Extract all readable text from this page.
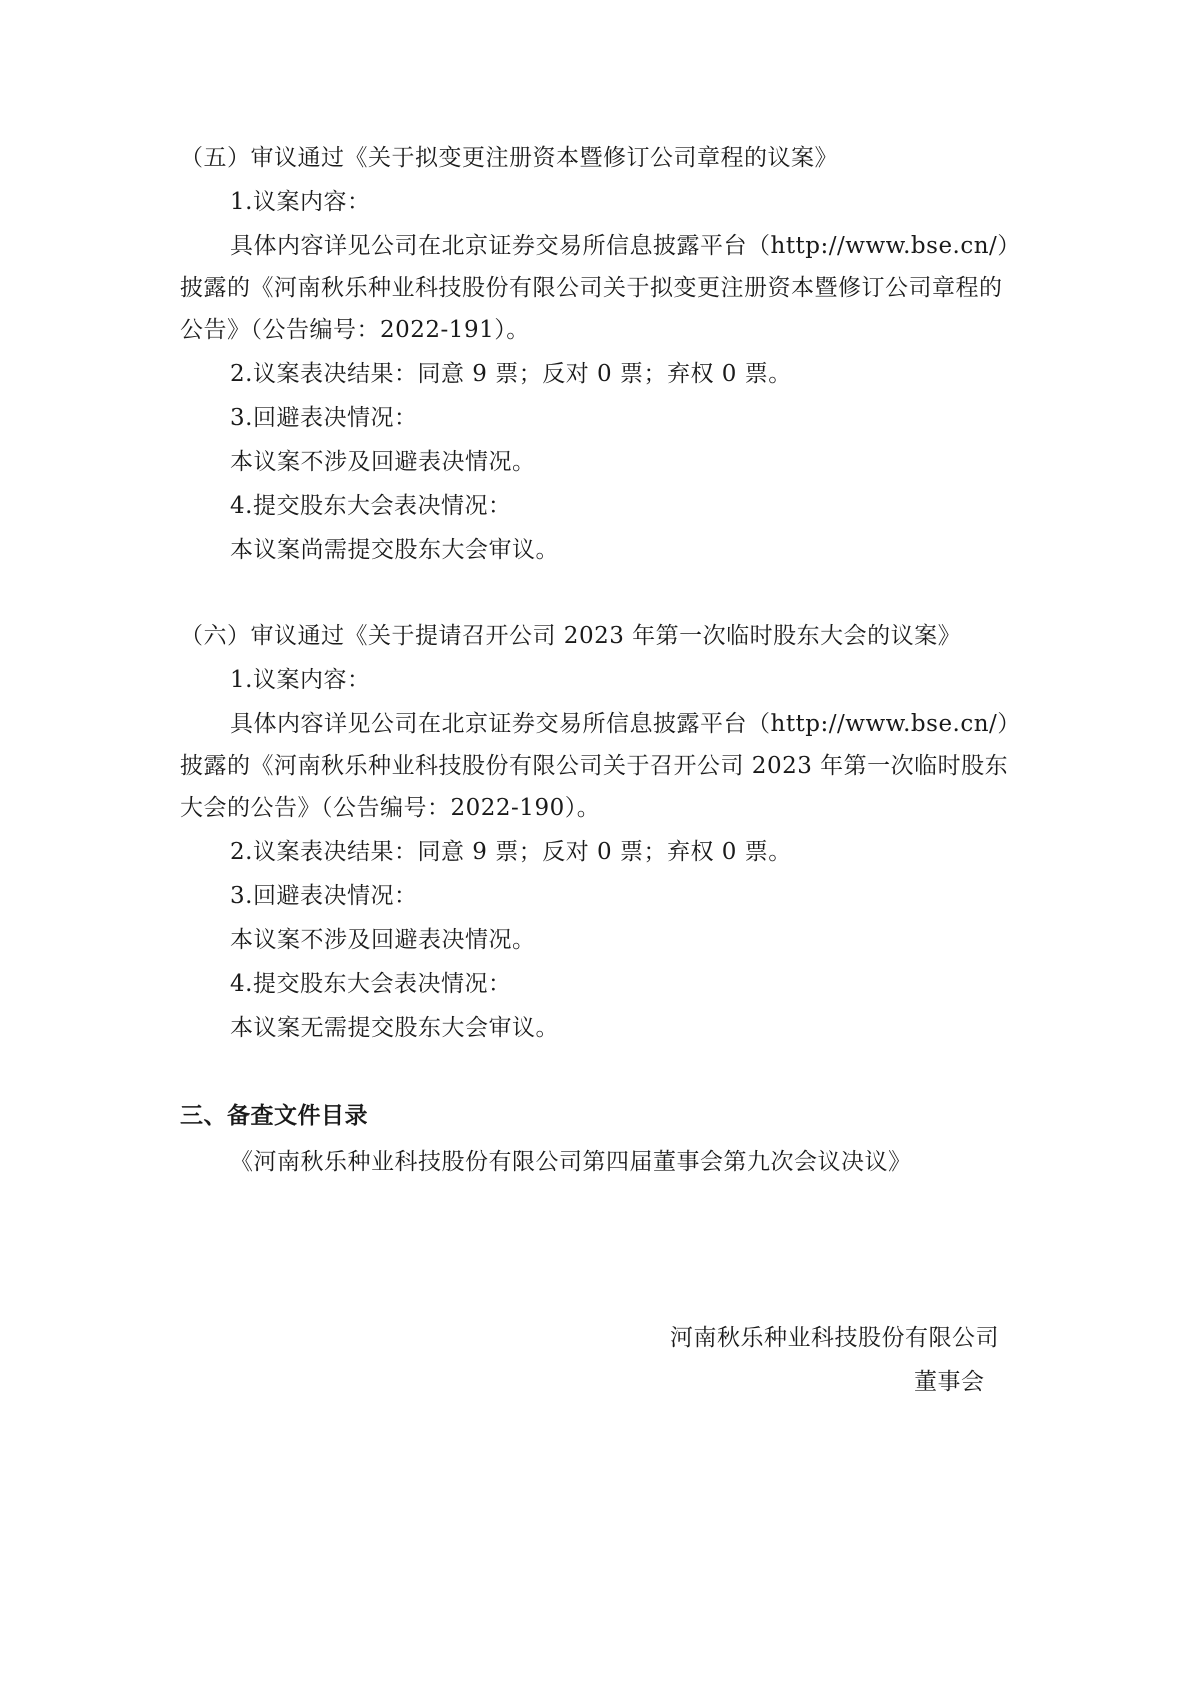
（五）审议通过《关于拟变更注册资本暨修订公司章程的议案》
1.议案内容：
具体内容详见公司在北京证券交易所信息披露平台（http://www.bse.cn/）
披露的《河南秋乐种业科技股份有限公司关于拟变更注册资本暨修订公司章程的
公告》（公告编号：2022-191）。
2.议案表决结果：同意 9 票；反对 0 票；弃权 0 票。
3.回避表决情况：
本议案不涉及回避表决情况。
4.提交股东大会表决情况：
本议案尚需提交股东大会审议。
（六）审议通过《关于提请召开公司 2023 年第一次临时股东大会的议案》
1.议案内容：
具体内容详见公司在北京证券交易所信息披露平台（http://www.bse.cn/）
披露的《河南秋乐种业科技股份有限公司关于召开公司 2023 年第一次临时股东
大会的公告》（公告编号：2022-190）。
2.议案表决结果：同意 9 票；反对 0 票；弃权 0 票。
3.回避表决情况：
本议案不涉及回避表决情况。
4.提交股东大会表决情况：
本议案无需提交股东大会审议。
三、备查文件目录
《河南秋乐种业科技股份有限公司第四届董事会第九次会议决议》
河南秋乐种业科技股份有限公司
董事会
